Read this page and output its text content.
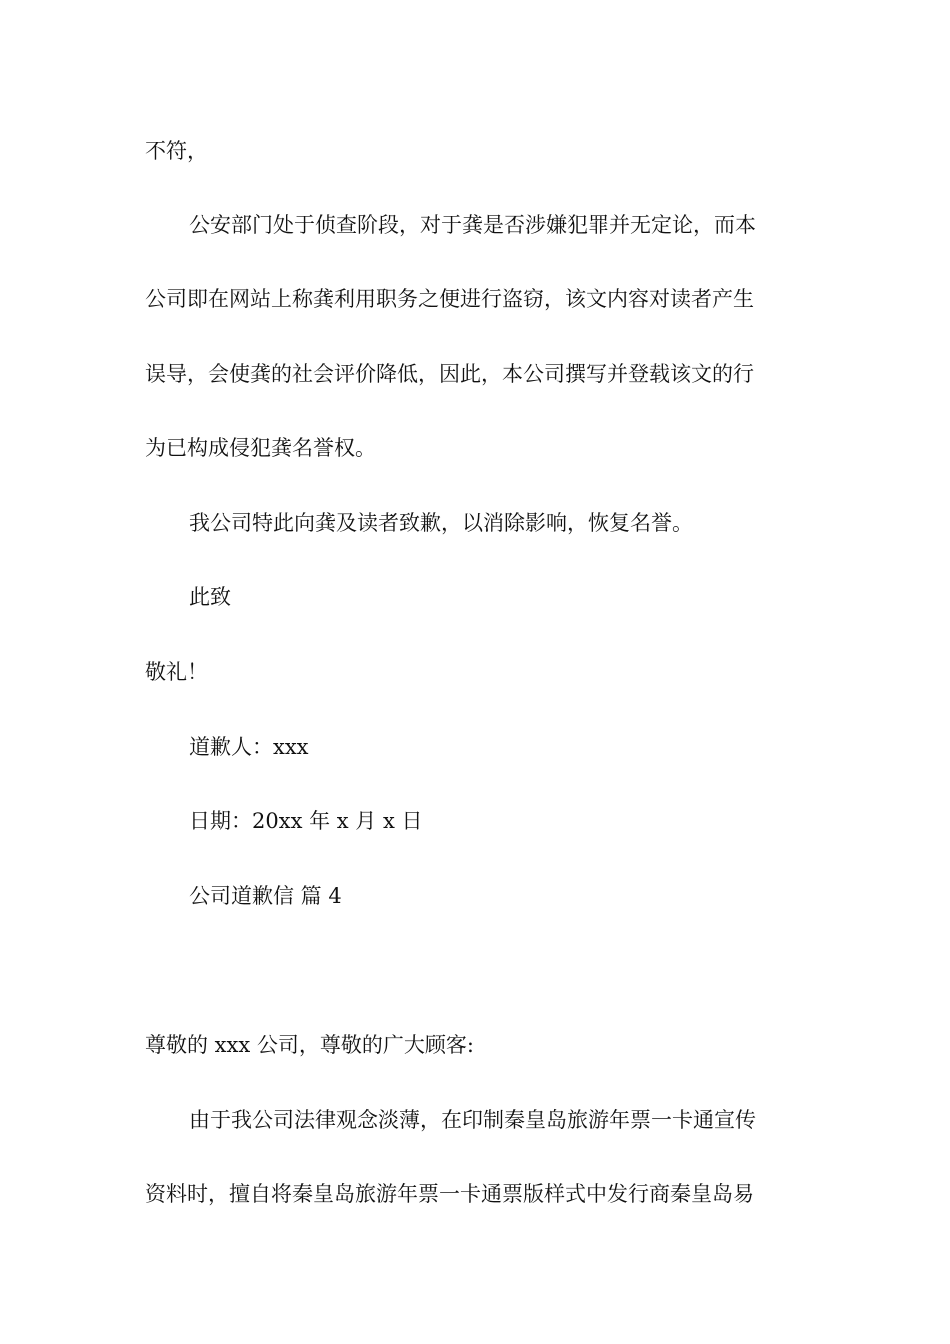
不符，
公安部门处于侦查阶段，对于龚是否涉嫌犯罪并无定论，而本
公司即在网站上称龚利用职务之便进行盗窃，该文内容对读者产生
误导，会使龚的社会评价降低，因此，本公司撰写并登载该文的行
为已构成侵犯龚名誉权。
我公司特此向龚及读者致歉，以消除影响，恢复名誉。
此致
敬礼！
道歉人：xxx
日期：20xx 年 x 月 x 日
公司道歉信 篇 4
尊敬的 xxx 公司，尊敬的广大顾客:
由于我公司法律观念淡薄，在印制秦皇岛旅游年票一卡通宣传
资料时，擅自将秦皇岛旅游年票一卡通票版样式中发行商秦皇岛易
